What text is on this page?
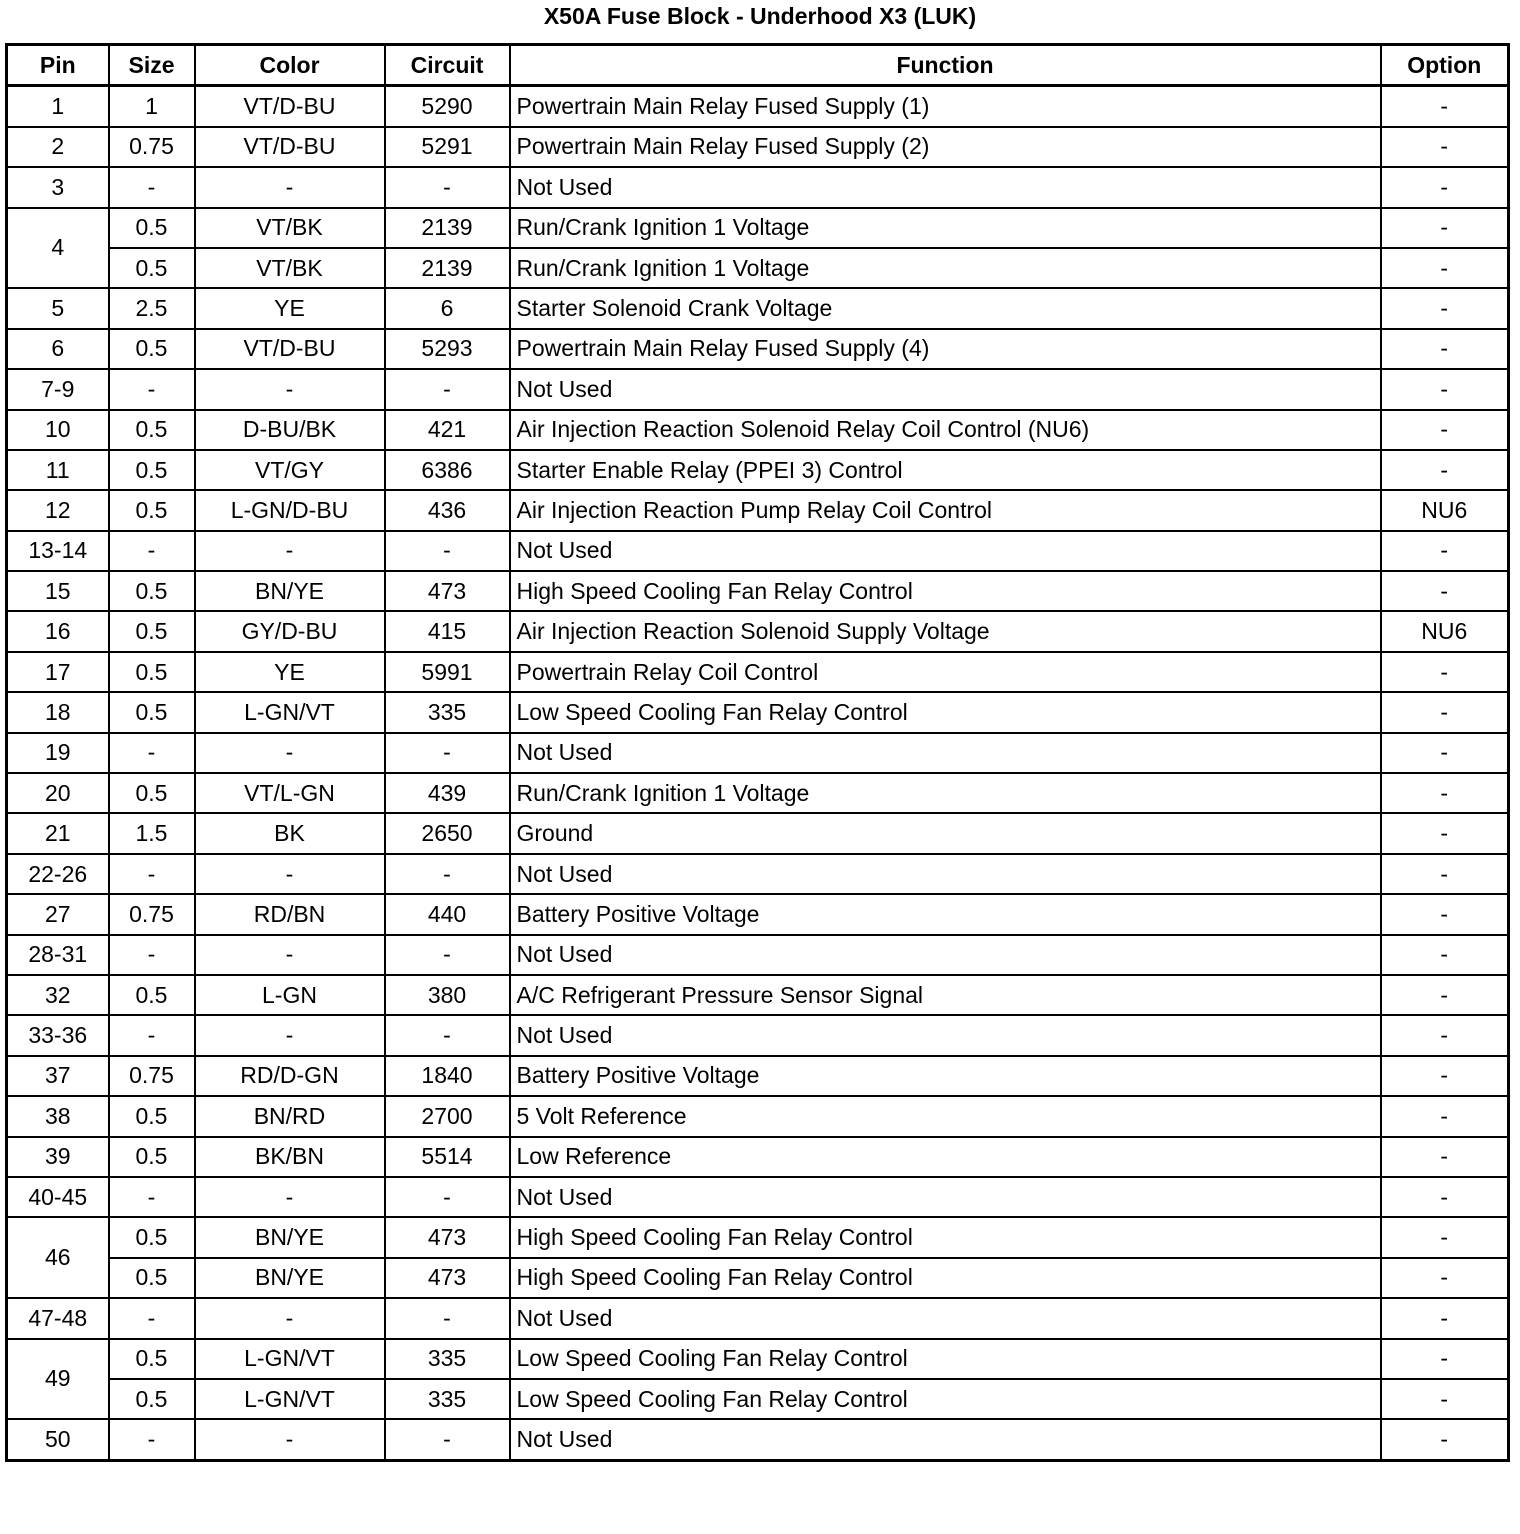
X50A Fuse Block - Underhood X3 (LUK)
Pin	Size	Color	Circuit	Function	Option
1	1	VT/D-BU	5290	Powertrain Main Relay Fused Supply (1)	-
2	0.75	VT/D-BU	5291	Powertrain Main Relay Fused Supply (2)	-
3	-	-	-	Not Used	-
4	0.5	VT/BK	2139	Run/Crank Ignition 1 Voltage	-
	0.5	VT/BK	2139	Run/Crank Ignition 1 Voltage	-
5	2.5	YE	6	Starter Solenoid Crank Voltage	-
6	0.5	VT/D-BU	5293	Powertrain Main Relay Fused Supply (4)	-
7-9	-	-	-	Not Used	-
10	0.5	D-BU/BK	421	Air Injection Reaction Solenoid Relay Coil Control (NU6)	-
11	0.5	VT/GY	6386	Starter Enable Relay (PPEI 3) Control	-
12	0.5	L-GN/D-BU	436	Air Injection Reaction Pump Relay Coil Control	NU6
13-14	-	-	-	Not Used	-
15	0.5	BN/YE	473	High Speed Cooling Fan Relay Control	-
16	0.5	GY/D-BU	415	Air Injection Reaction Solenoid Supply Voltage	NU6
17	0.5	YE	5991	Powertrain Relay Coil Control	-
18	0.5	L-GN/VT	335	Low Speed Cooling Fan Relay Control	-
19	-	-	-	Not Used	-
20	0.5	VT/L-GN	439	Run/Crank Ignition 1 Voltage	-
21	1.5	BK	2650	Ground	-
22-26	-	-	-	Not Used	-
27	0.75	RD/BN	440	Battery Positive Voltage	-
28-31	-	-	-	Not Used	-
32	0.5	L-GN	380	A/C Refrigerant Pressure Sensor Signal	-
33-36	-	-	-	Not Used	-
37	0.75	RD/D-GN	1840	Battery Positive Voltage	-
38	0.5	BN/RD	2700	5 Volt Reference	-
39	0.5	BK/BN	5514	Low Reference	-
40-45	-	-	-	Not Used	-
46	0.5	BN/YE	473	High Speed Cooling Fan Relay Control	-
	0.5	BN/YE	473	High Speed Cooling Fan Relay Control	-
47-48	-	-	-	Not Used	-
49	0.5	L-GN/VT	335	Low Speed Cooling Fan Relay Control	-
	0.5	L-GN/VT	335	Low Speed Cooling Fan Relay Control	-
50	-	-	-	Not Used	-
